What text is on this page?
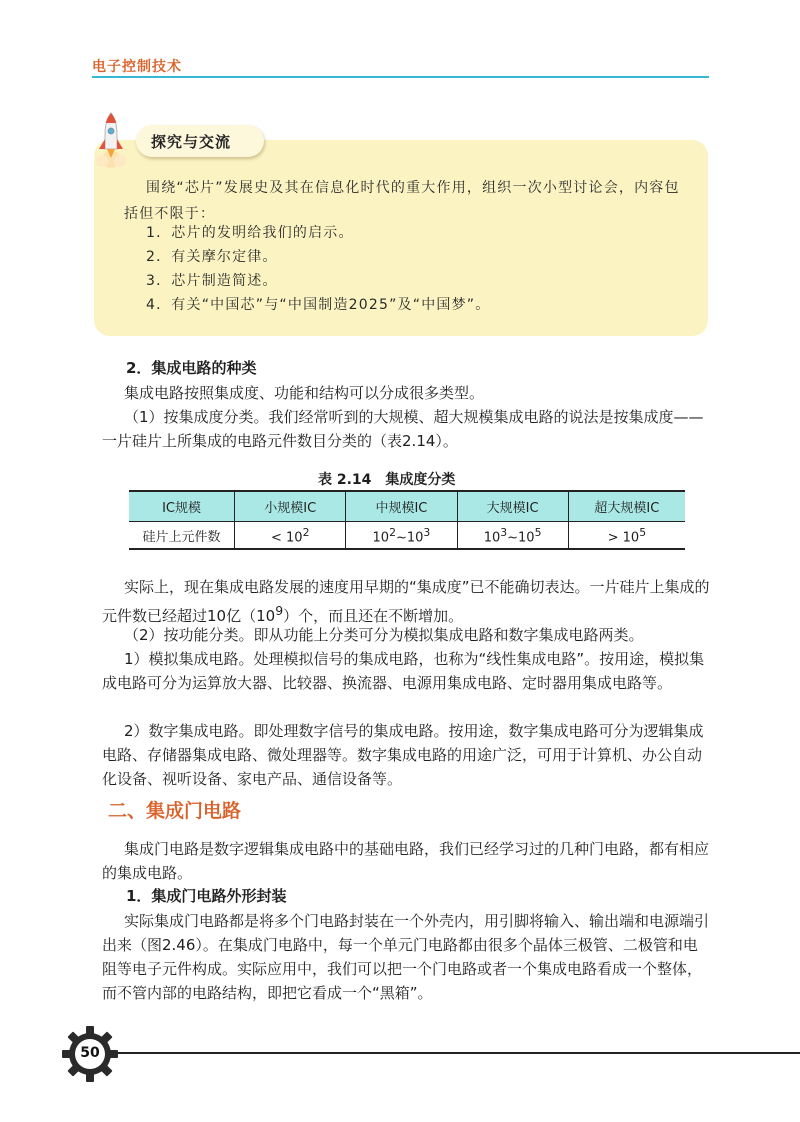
电子控制技术
探究与交流

围绕“芯片”发展史及其在信息化时代的重大作用，组织一次小型讨论会，内容包括但不限于：

1．芯片的发明给我们的启示。
2．有关摩尔定律。
3．芯片制造简述。
4．有关“中国芯”与“中国制造2025”及“中国梦”。
2．集成电路的种类

集成电路按照集成度、功能和结构可以分成很多类型。

（1）按集成度分类。我们经常听到的大规模、超大规模集成电路的说法是按集成度——一片硅片上所集成的电路元件数目分类的（表2.14）。

表 2.14　集成度分类
IC规模	小规模IC	中规模IC	大规模IC	超大规模IC
硅片上元件数	< $10^2$	$10^2\sim 10^3$	$10^3\sim 10^5$	> $10^5$

实际上，现在集成电路发展的速度用早期的“集成度”已不能确切表达。一片硅片上集成的元件数已经超过10亿$(10^9)$个，而且还在不断增加。

（2）按功能分类。即从功能上分类可分为模拟集成电路和数字集成电路两类。

1）模拟集成电路。处理模拟信号的集成电路，也称为“线性集成电路”。按用途，模拟集成电路可分为运算放大器、比较器、换流器、电源用集成电路、定时器用集成电路等。

2）数字集成电路。即处理数字信号的集成电路。按用途，数字集成电路可分为逻辑集成电路、存储器集成电路、微处理器等。数字集成电路的用途广泛，可用于计算机、办公自动化设备、视听设备、家电产品、通信设备等。

二、集成门电路

集成门电路是数字逻辑集成电路中的基础电路，我们已经学习过的几种门电路，都有相应的集成电路。

1．集成门电路外形封装

实际集成门电路都是将多个门电路封装在一个外壳内，用引脚将输入、输出端和电源端引出来（图2.46）。在集成门电路中，每一个单元门电路都由很多个晶体三极管、二极管和电阻等电子元件构成。实际应用中，我们可以把一个门电路或者一个集成电路看成一个整体，而不管内部的电路结构，即把它看成一个“黑箱”。

50
